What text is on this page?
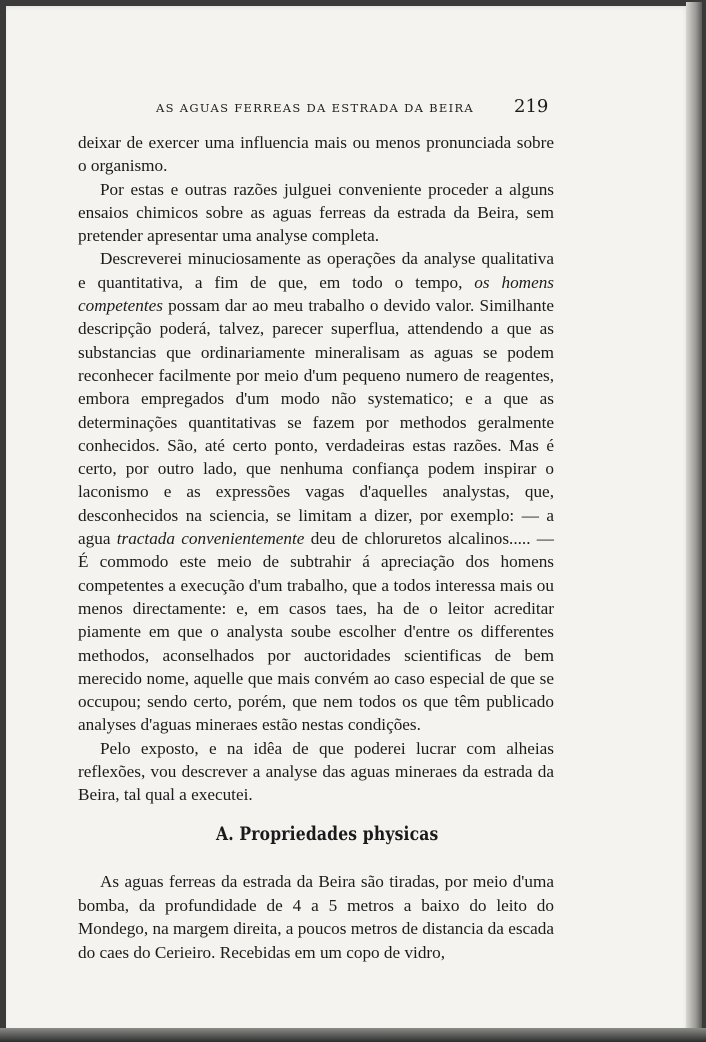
AS AGUAS FERREAS DA ESTRADA DA BEIRA 219

deixar de exercer uma influencia mais ou menos pronunciada sobre o organismo.

Por estas e outras razões julguei conveniente proceder a alguns ensaios chimicos sobre as aguas ferreas da estrada da Beira, sem pretender apresentar uma analyse completa.

Descreverei minuciosamente as operações da analyse qualitativa e quantitativa, a fim de que, em todo o tempo, os homens competentes possam dar ao meu trabalho o devido valor. Similhante descripção poderá, talvez, parecer superflua, attendendo a que as substancias que ordinariamente mineralisam as aguas se podem reconhecer facilmente por meio d'um pequeno numero de reagentes, embora empregados d'um modo não systematico; e a que as determinações quantitativas se fazem por methodos geralmente conhecidos. São, até certo ponto, verdadeiras estas razões. Mas é certo, por outro lado, que nenhuma confiança podem inspirar o laconismo e as expressões vagas d'aquelles analystas, que, desconhecidos na sciencia, se limitam a dizer, por exemplo: — a agua tractada convenientemente deu de chloruretos alcalinos..... — É commodo este meio de subtrahir á apreciação dos homens competentes a execução d'um trabalho, que a todos interessa mais ou menos directamente: e, em casos taes, ha de o leitor acreditar piamente em que o analysta soube escolher d'entre os differentes methodos, aconselhados por auctoridades scientificas de bem merecido nome, aquelle que mais convém ao caso especial de que se occupou; sendo certo, porém, que nem todos os que têm publicado analyses d'aguas mineraes estão nestas condições.

Pelo exposto, e na idêa de que poderei lucrar com alheias reflexões, vou descrever a analyse das aguas mineraes da estrada da Beira, tal qual a executei.

A. Propriedades physicas

As aguas ferreas da estrada da Beira são tiradas, por meio d'uma bomba, da profundidade de 4 a 5 metros a baixo do leito do Mondego, na margem direita, a poucos metros de distancia da escada do caes do Cerieiro. Recebidas em um copo de vidro,
